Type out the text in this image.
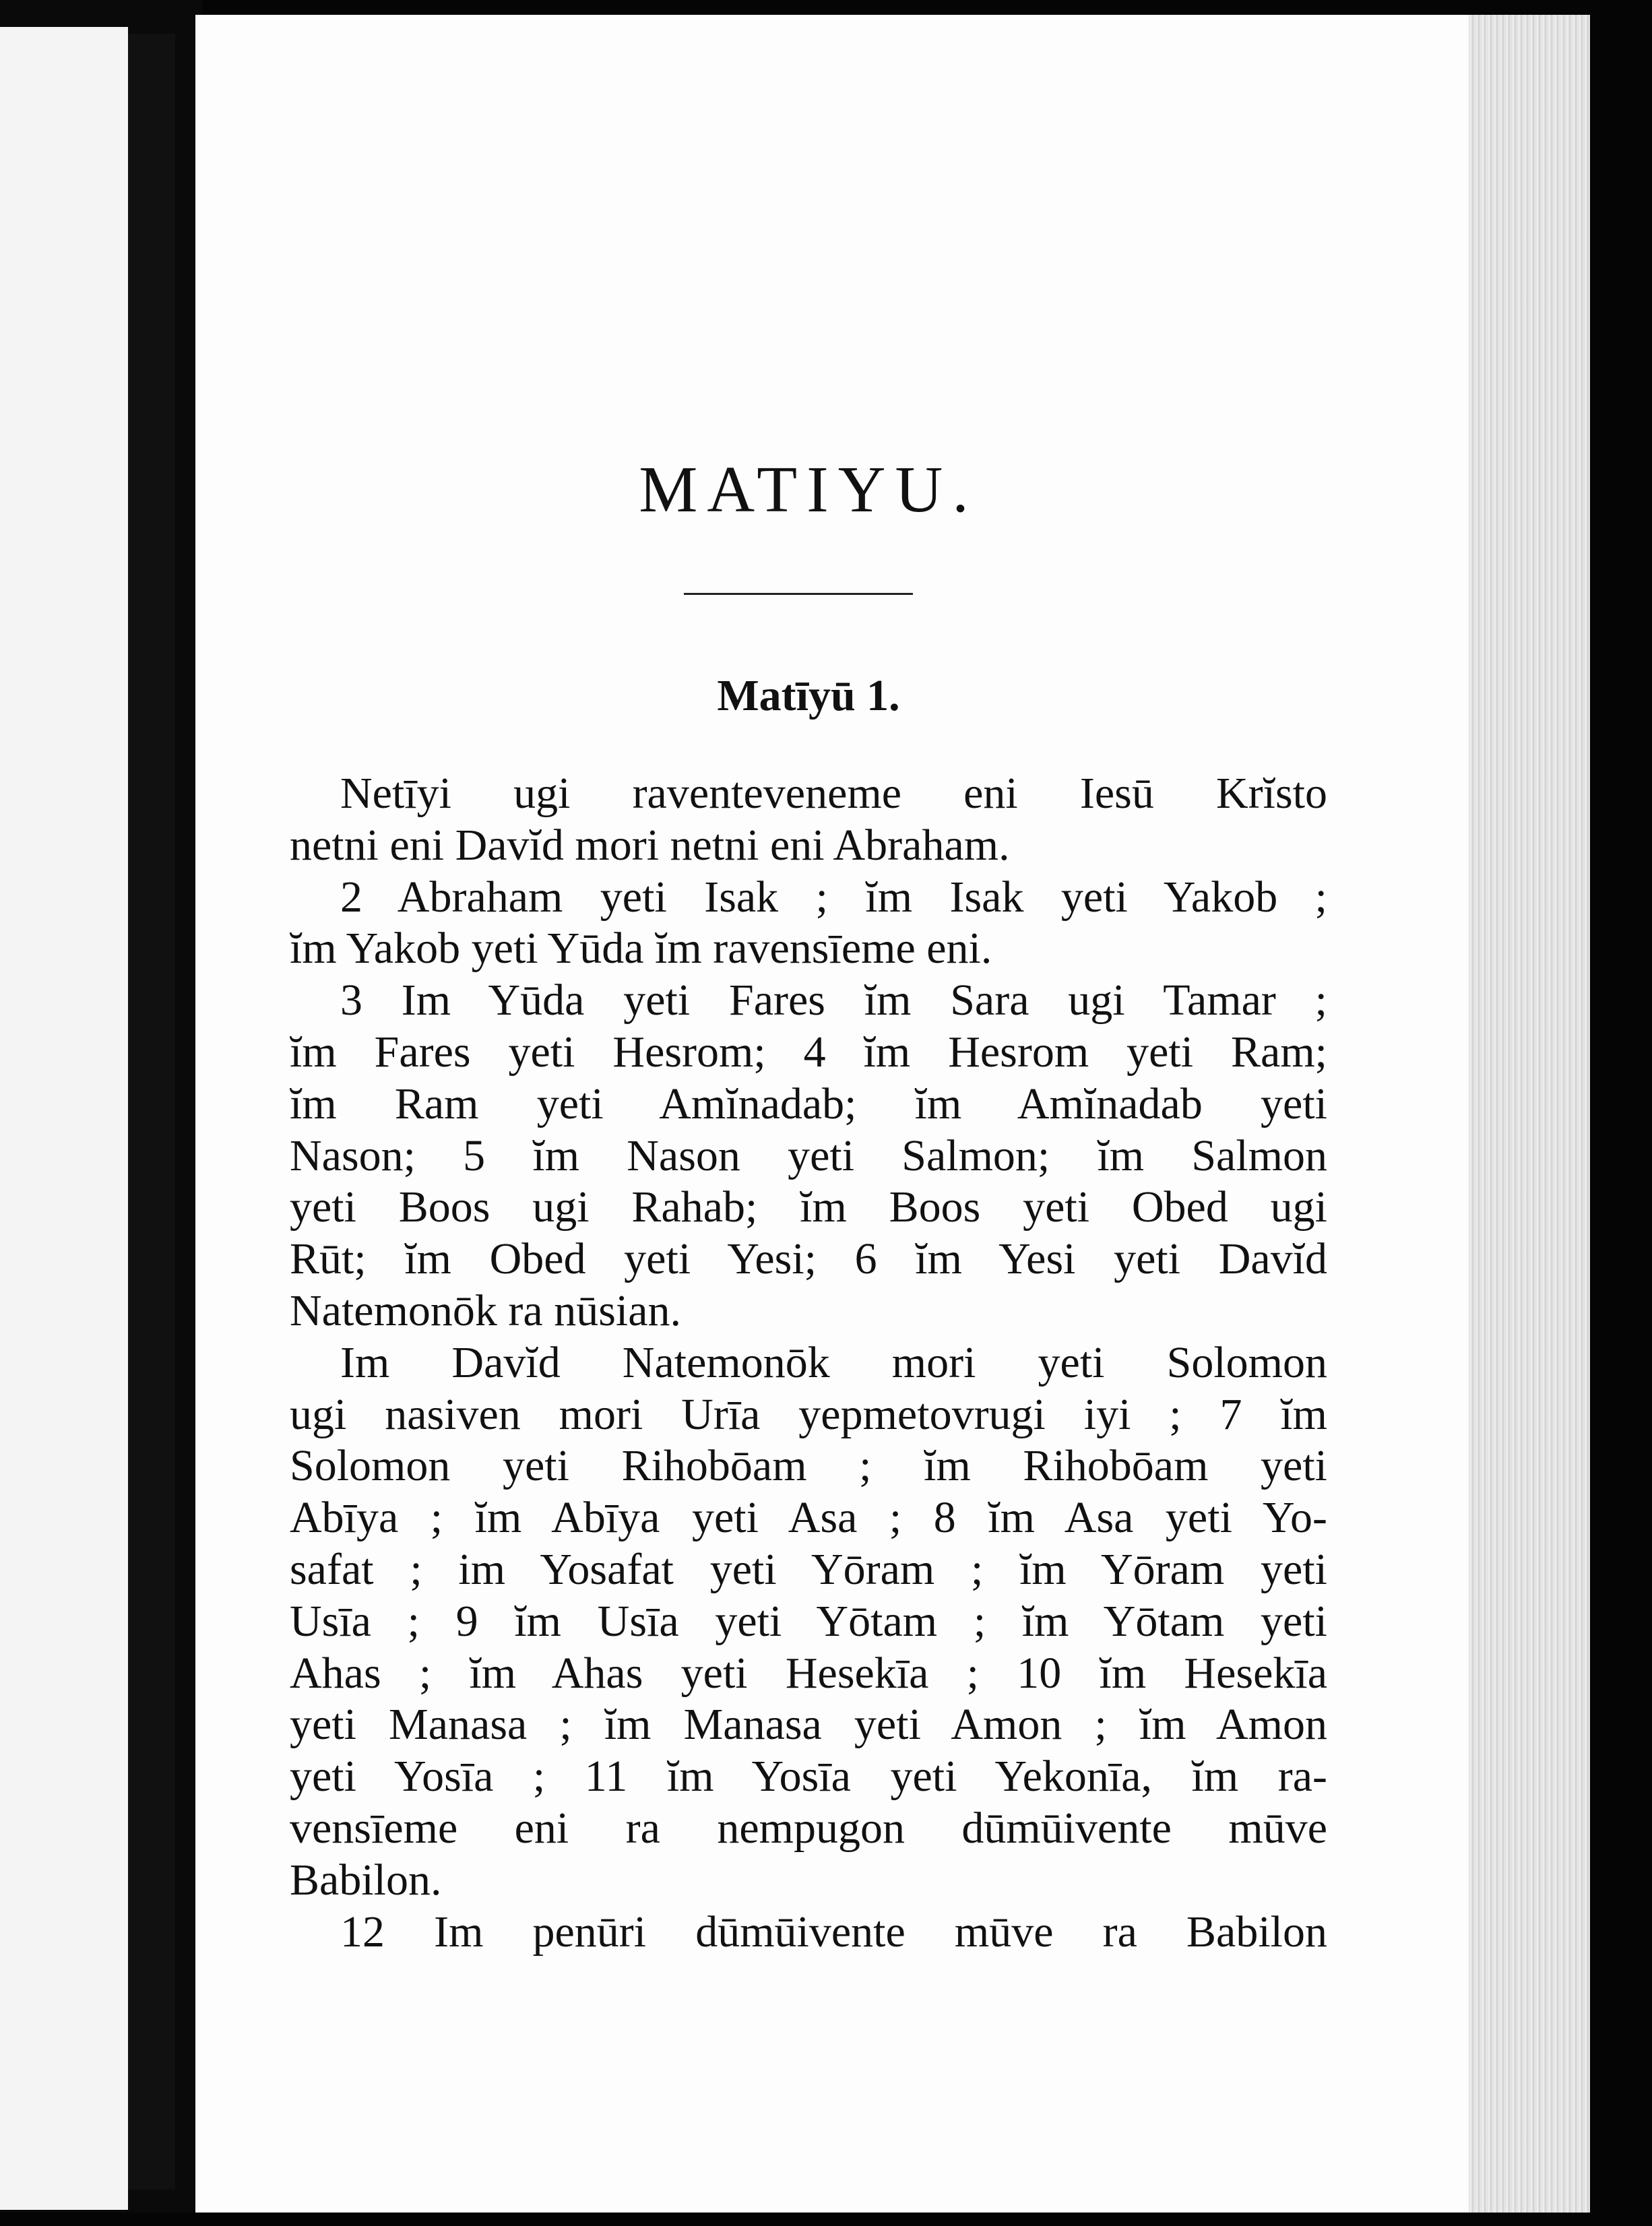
MATIYU.
Matīyū 1.
Netīyi ugi raventeveneme eni Iesū Krĭsto
netni eni Davĭd mori netni eni Abraham.
2 Abraham yeti Isak ; ĭm Isak yeti Yakob ;
ĭm Yakob yeti Yūda ĭm ravensīeme eni.
3 Im Yūda yeti Fares ĭm Sara ugi Tamar ;
ĭm Fares yeti Hesrom; 4 ĭm Hesrom yeti Ram;
ĭm Ram yeti Amĭnadab; ĭm Amĭnadab yeti
Nason; 5 ĭm Nason yeti Salmon; ĭm Salmon
yeti Boos ugi Rahab; ĭm Boos yeti Obed ugi
Rūt; ĭm Obed yeti Yesi; 6 ĭm Yesi yeti Davĭd
Natemonōk ra nūsian.
Im Davĭd Natemonōk mori yeti Solomon
ugi nasiven mori Urīa yepmetovrugi iyi ; 7 ĭm
Solomon yeti Rihobōam ; ĭm Rihobōam yeti
Abīya ; ĭm Abīya yeti Asa ; 8 ĭm Asa yeti Yo-
safat ; im Yosafat yeti Yōram ; ĭm Yōram yeti
Usīa ; 9 ĭm Usīa yeti Yōtam ; ĭm Yōtam yeti
Ahas ; ĭm Ahas yeti Hesekīa ; 10 ĭm Hesekīa
yeti Manasa ; ĭm Manasa yeti Amon ; ĭm Amon
yeti Yosīa ; 11 ĭm Yosīa yeti Yekonīa, ĭm ra-
vensīeme eni ra nempugon dūmūivente mūve
Babilon.
12 Im penūri dūmūivente mūve ra Babilon
